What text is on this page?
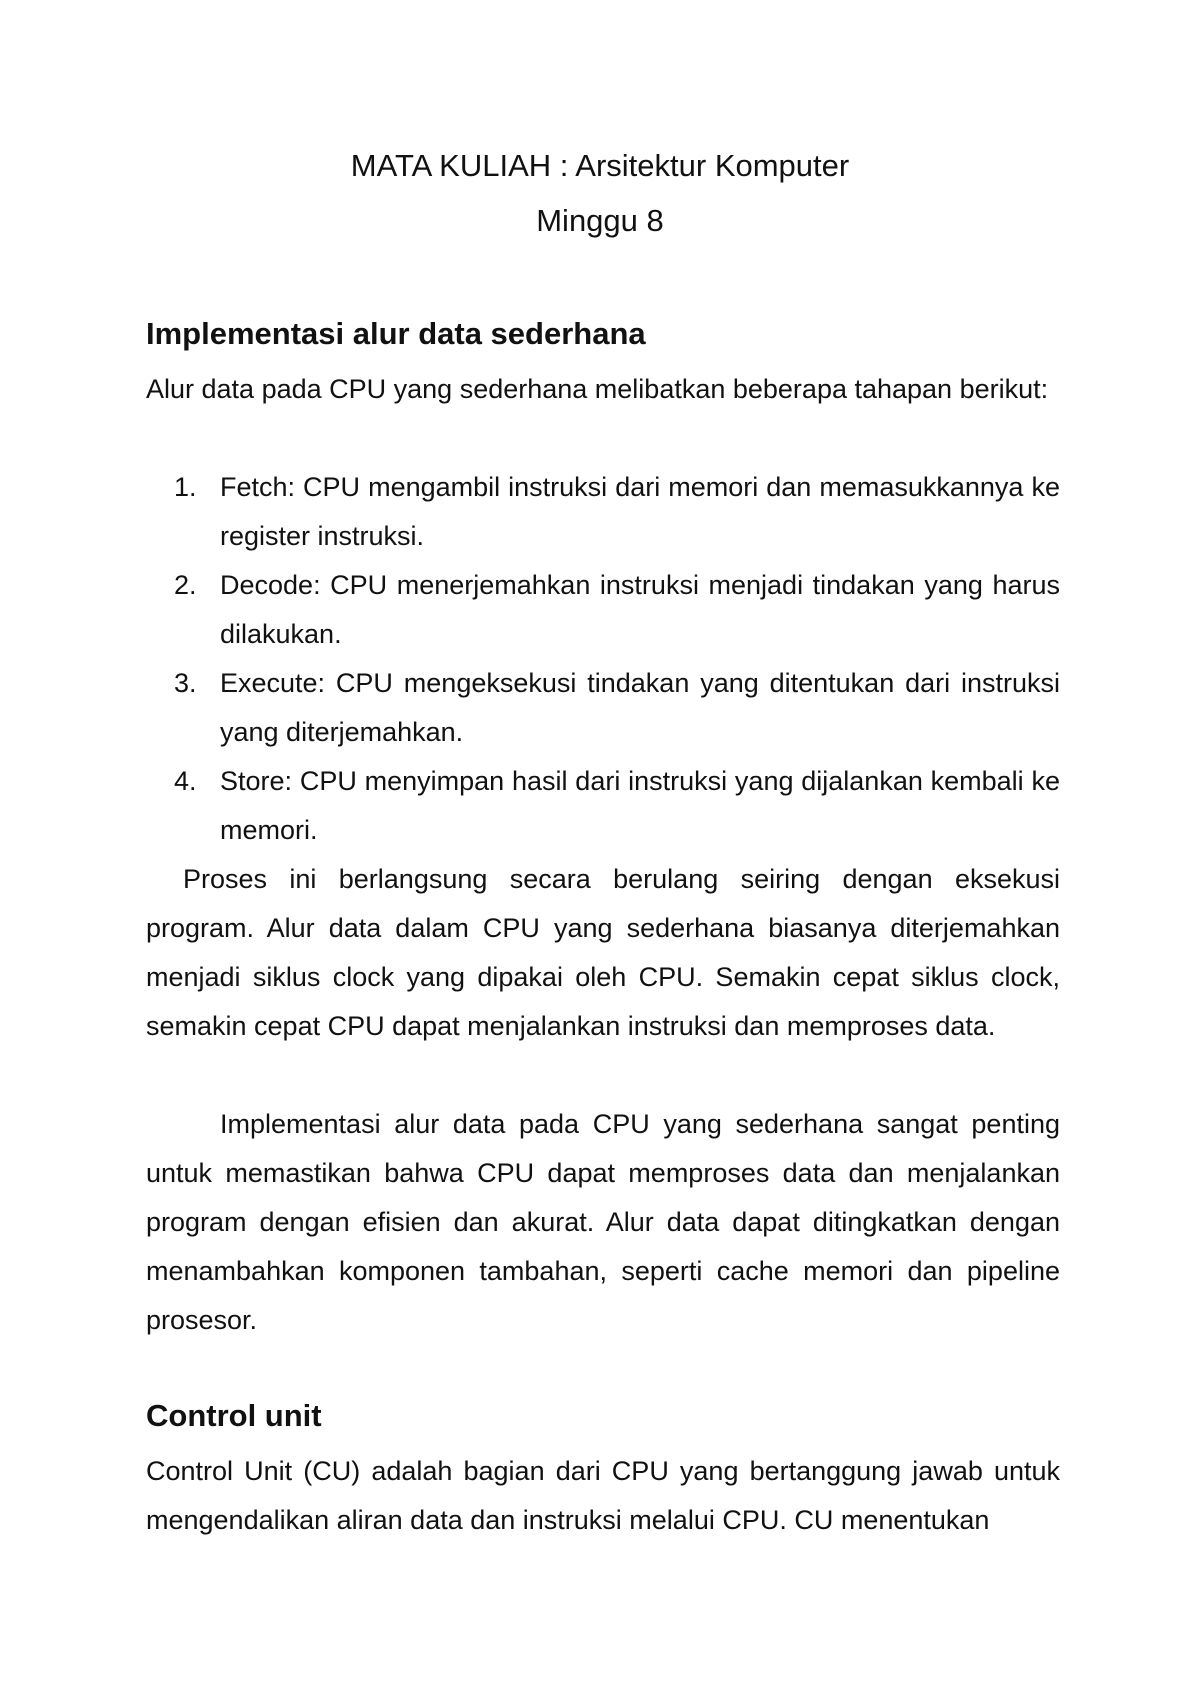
MATA KULIAH : Arsitektur Komputer
Minggu 8
Implementasi alur data sederhana
Alur data pada CPU yang sederhana melibatkan beberapa tahapan berikut:
1. Fetch: CPU mengambil instruksi dari memori dan memasukkannya ke register instruksi.
2. Decode: CPU menerjemahkan instruksi menjadi tindakan yang harus dilakukan.
3. Execute: CPU mengeksekusi tindakan yang ditentukan dari instruksi yang diterjemahkan.
4. Store: CPU menyimpan hasil dari instruksi yang dijalankan kembali ke memori.
Proses ini berlangsung secara berulang seiring dengan eksekusi program. Alur data dalam CPU yang sederhana biasanya diterjemahkan menjadi siklus clock yang dipakai oleh CPU. Semakin cepat siklus clock, semakin cepat CPU dapat menjalankan instruksi dan memproses data.
Implementasi alur data pada CPU yang sederhana sangat penting untuk memastikan bahwa CPU dapat memproses data dan menjalankan program dengan efisien dan akurat. Alur data dapat ditingkatkan dengan menambahkan komponen tambahan, seperti cache memori dan pipeline prosesor.
Control unit
Control Unit (CU) adalah bagian dari CPU yang bertanggung jawab untuk mengendalikan aliran data dan instruksi melalui CPU. CU menentukan
